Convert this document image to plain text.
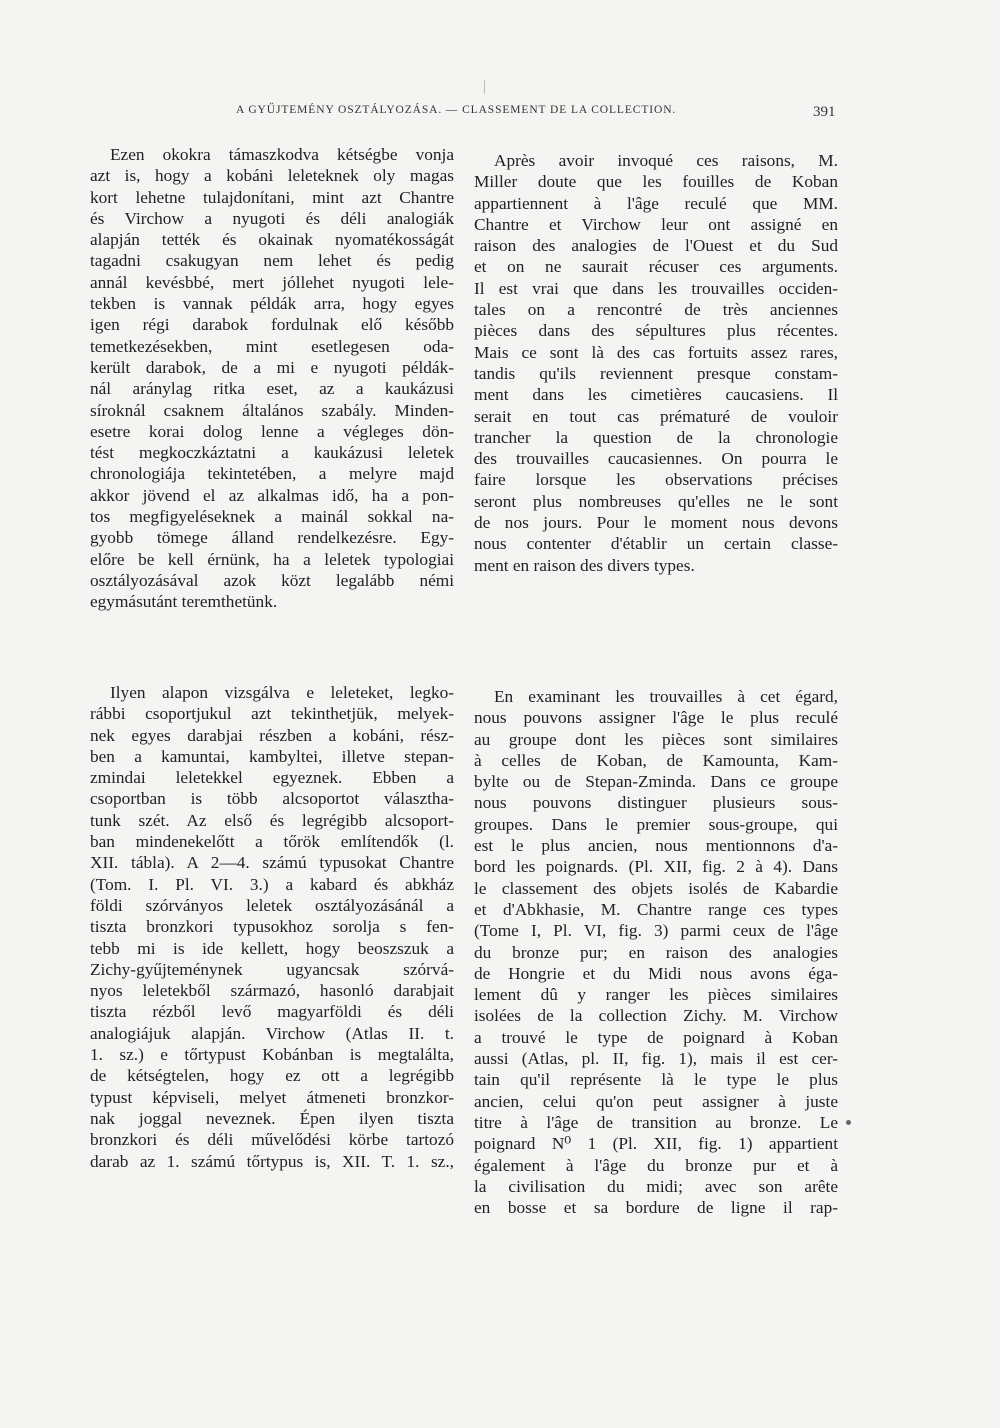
A GYŰJTEMÉNY OSZTÁLYOZÁSA. — CLASSEMENT DE LA COLLECTION.	391
Ezen okokra támaszkodva kétségbe vonja
azt is, hogy a kobáni leleteknek oly magas
kort lehetne tulajdonítani, mint azt Chantre
és Virchow a nyugoti és déli analogiák
alapján tették és okainak nyomatékosságát
tagadni csakugyan nem lehet és pedig
annál kevésbbé, mert jóllehet nyugoti lele-
tekben is vannak példák arra, hogy egyes
igen régi darabok fordulnak elő később
temetkezésekben, mint esetlegesen oda-
került darabok, de a mi e nyugoti példák-
nál aránylag ritka eset, az a kaukázusi
síroknál csaknem általános szabály. Minden-
esetre korai dolog lenne a végleges dön-
tést megkoczkáztatni a kaukázusi leletek
chronologiája tekintetében, a melyre majd
akkor jövend el az alkalmas idő, ha a pon-
tos megfigyeléseknek a mainál sokkal na-
gyobb tömege álland rendelkezésre. Egy-
előre be kell érnünk, ha a leletek typologiai
osztályozásával azok közt legalább némi
egymásutánt teremthetünk.
Ilyen alapon vizsgálva e leleteket, legko-
rábbi csoportjukul azt tekinthetjük, melyek-
nek egyes darabjai részben a kobáni, rész-
ben a kamuntai, kambyltei, illetve stepan-
zmindai leletekkel egyeznek. Ebben a
csoportban is több alcsoportot választha-
tunk szét. Az első és legrégibb alcsoport-
ban mindenekelőtt a tőrök említendők (l.
XII. tábla). A 2—4. számú typusokat Chantre
(Tom. I. Pl. VI. 3.) a kabard és abkház
földi szórványos leletek osztályozásánál a
tiszta bronzkori typusokhoz sorolja s fen-
tebb mi is ide kellett, hogy beoszszuk a
Zichy-gyűjteménynek ugyancsak szórvá-
nyos leletekből származó, hasonló darabjait
tiszta rézből levő magyarföldi és déli
analogiájuk alapján. Virchow (Atlas II. t.
1. sz.) e tőrtypust Kobánban is megtalálta,
de kétségtelen, hogy ez ott a legrégibb
typust képviseli, melyet átmeneti bronzkor-
nak joggal neveznek. Épen ilyen tiszta
bronzkori és déli művelődési körbe tartozó
darab az 1. számú tőrtypus is, XII. T. 1. sz.,
Après avoir invoqué ces raisons, M.
Miller doute que les fouilles de Koban
appartiennent à l'âge reculé que MM.
Chantre et Virchow leur ont assigné en
raison des analogies de l'Ouest et du Sud
et on ne saurait récuser ces arguments.
Il est vrai que dans les trouvailles occiden-
tales on a rencontré de très anciennes
pièces dans des sépultures plus récentes.
Mais ce sont là des cas fortuits assez rares,
tandis qu'ils reviennent presque constam-
ment dans les cimetières caucasiens. Il
serait en tout cas prématuré de vouloir
trancher la question de la chronologie
des trouvailles caucasiennes. On pourra le
faire lorsque les observations précises
seront plus nombreuses qu'elles ne le sont
de nos jours. Pour le moment nous devons
nous contenter d'établir un certain classe-
ment en raison des divers types.
En examinant les trouvailles à cet égard,
nous pouvons assigner l'âge le plus reculé
au groupe dont les pièces sont similaires
à celles de Koban, de Kamounta, Kam-
bylte ou de Stepan-Zminda. Dans ce groupe
nous pouvons distinguer plusieurs sous-
groupes. Dans le premier sous-groupe, qui
est le plus ancien, nous mentionnons d'a-
bord les poignards. (Pl. XII, fig. 2 à 4). Dans
le classement des objets isolés de Kabardie
et d'Abkhasie, M. Chantre range ces types
(Tome I, Pl. VI, fig. 3) parmi ceux de l'âge
du bronze pur; en raison des analogies
de Hongrie et du Midi nous avons éga-
lement dû y ranger les pièces similaires
isolées de la collection Zichy. M. Virchow
a trouvé le type de poignard à Koban
aussi (Atlas, pl. II, fig. 1), mais il est cer-
tain qu'il représente là le type le plus
ancien, celui qu'on peut assigner à juste
titre à l'âge de transition au bronze. Le
poignard N⁰ 1 (Pl. XII, fig. 1) appartient
également à l'âge du bronze pur et à
la civilisation du midi; avec son arête
en bosse et sa bordure de ligne il rap-
